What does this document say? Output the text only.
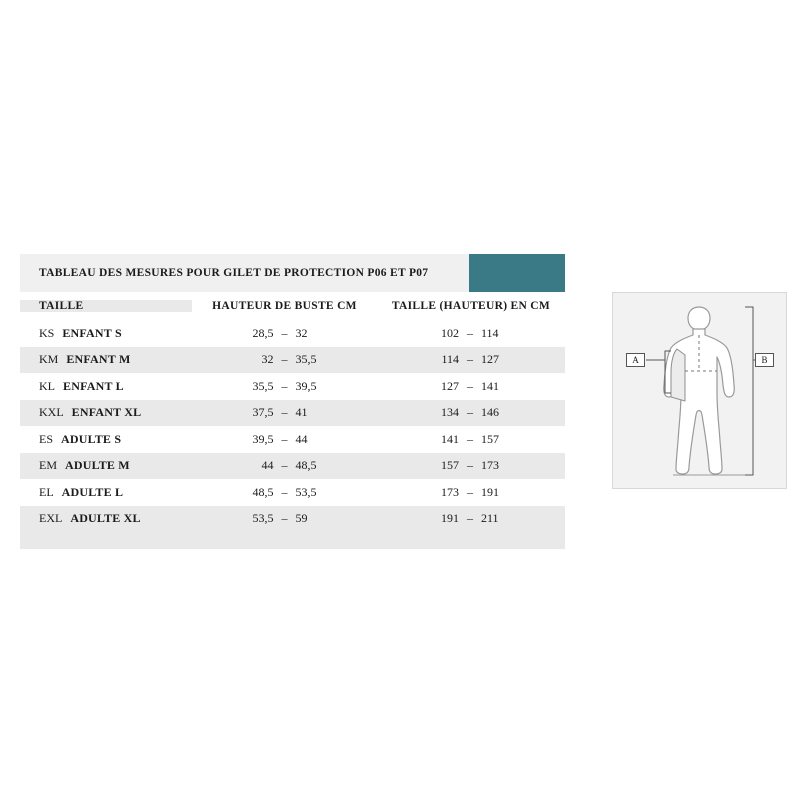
TABLEAU DES MESURES POUR GILET DE PROTECTION P06 ET P07
TAILLE	HAUTEUR DE BUSTE CM	TAILLE (HAUTEUR) EN CM
KS ENFANT S	28,5 – 32	102 – 114
KM ENFANT M	32 – 35,5	114 – 127
KL ENFANT L	35,5 – 39,5	127 – 141
KXL ENFANT XL	37,5 – 41	134 – 146
ES ADULTE S	39,5 – 44	141 – 157
EM ADULTE M	44 – 48,5	157 – 173
EL ADULTE L	48,5 – 53,5	173 – 191
EXL ADULTE XL	53,5 – 59	191 – 211
A	B
